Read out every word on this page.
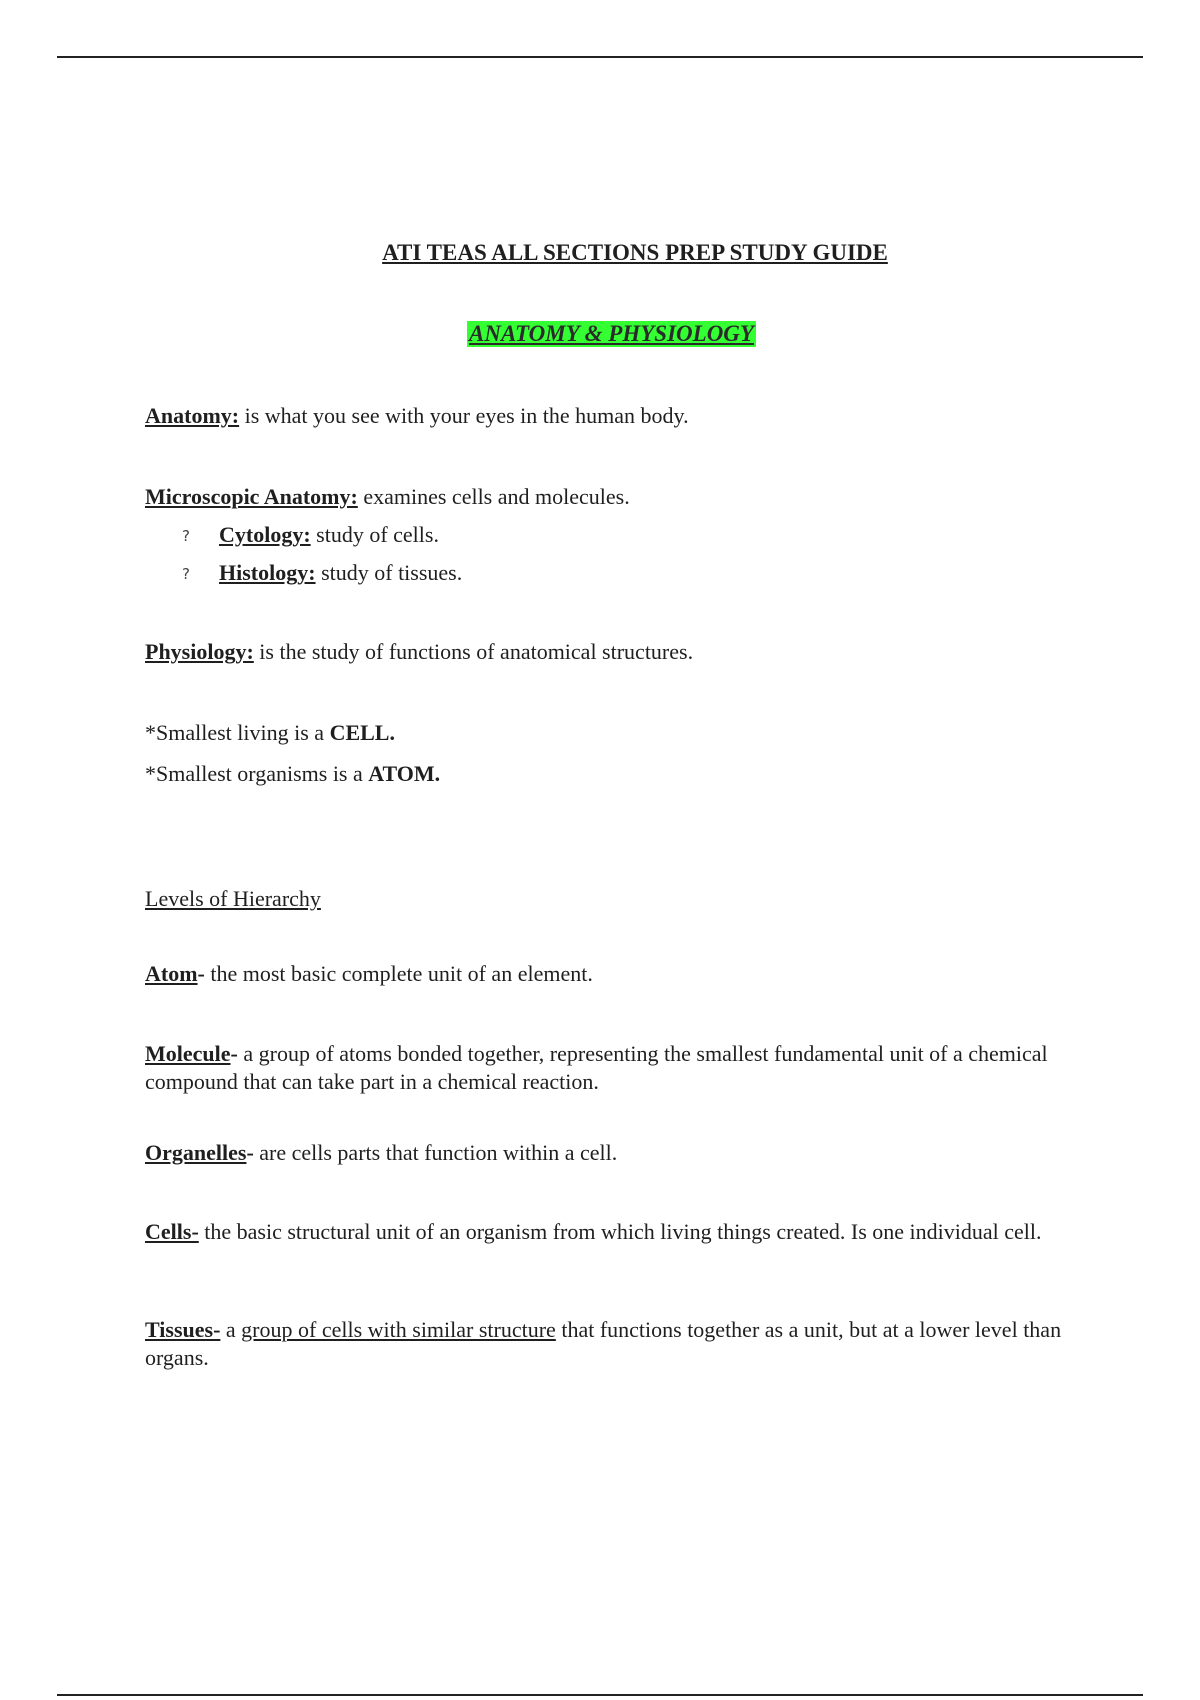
ATI TEAS ALL SECTIONS PREP STUDY GUIDE
ANATOMY & PHYSIOLOGY
Anatomy: is what you see with your eyes in the human body.
Microscopic Anatomy: examines cells and molecules.
? Cytology: study of cells.
? Histology: study of tissues.
Physiology: is the study of functions of anatomical structures.
*Smallest living is a CELL.
*Smallest organisms is a ATOM.
Levels of Hierarchy
Atom- the most basic complete unit of an element.
Molecule- a group of atoms bonded together, representing the smallest fundamental unit of a chemical compound that can take part in a chemical reaction.
Organelles- are cells parts that function within a cell.
Cells- the basic structural unit of an organism from which living things created. Is one individual cell.
Tissues- a group of cells with similar structure that functions together as a unit, but at a lower level than organs.
